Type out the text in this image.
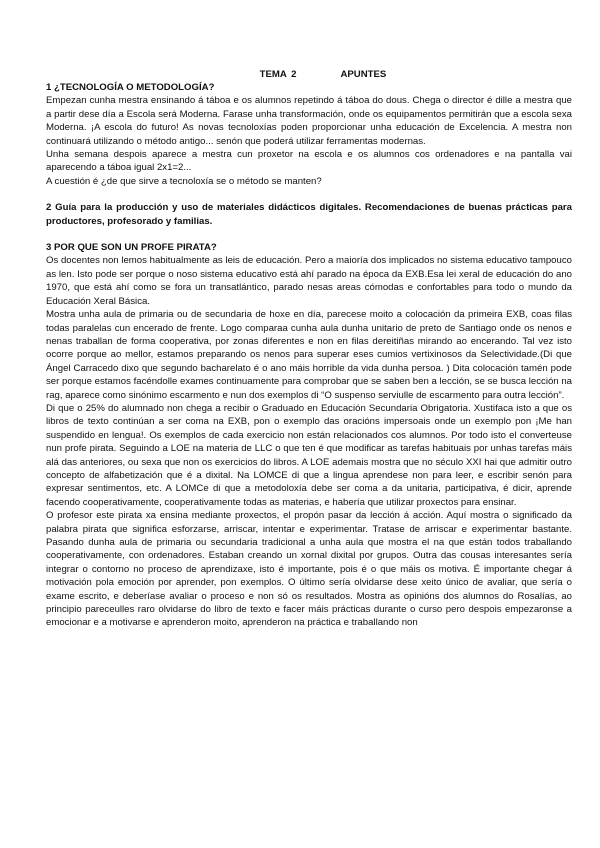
TEMA 2	APUNTES
1 ¿TECNOLOGÍA O METODOLOGÍA?

Empezan cunha mestra ensinando á táboa e os alumnos repetindo á táboa do dous. Chega o director é dille a mestra que a partir dese día a Escola será Moderna. Farase unha transformación, onde os equipamentos permitirán que a escola sexa Moderna. ¡A escola do futuro! As novas tecnoloxías poden proporcionar unha educación de Excelencia. A mestra non continuará utilizando o método antigo... senón que poderá utilizar ferramentas modernas.

Unha semana despois aparece a mestra cun proxetor na escola e os alumnos cos ordenadores e na pantalla vai aparecendo a táboa igual 2x1=2...

A cuestión é ¿de que sirve a tecnoloxía se o método se manten?

2 Guía para la producción y uso de materiales didácticos digitales. Recomendaciones de buenas prácticas para productores, profesorado y familias.

3 POR QUE SON UN PROFE PIRATA?

Os docentes non lemos habitualmente as leis de educación. Pero a maioría dos implicados no sistema educativo tampouco as len. Isto pode ser porque o noso sistema educativo está ahí parado na época da EXB.Esa lei xeral de educación do ano 1970, que está ahí como se fora un transatlántico, parado nesas areas cómodas e confortables para todo o mundo da Educación Xeral Básica.

Mostra unha aula de primaria ou de secundaria de hoxe en día, parecese moito a colocación da primeira EXB, coas filas todas paralelas cun encerado de frente. Logo comparaa cunha aula dunha unitario de preto de Santiago onde os nenos e nenas traballan de forma cooperativa, por zonas diferentes e non en filas dereitiñas mirando ao encerando. Tal vez isto ocorre porque ao mellor, estamos preparando os nenos para superar eses cumios vertixinosos da Selectividade.(Di que Ángel Carracedo dixo que segundo bacharelato é o ano máis horrible da vida dunha persoa. ) Dita colocación tamén pode ser porque estamos facéndolle exames continuamente para comprobar que se saben ben a lección, se se busca lección na rag, aparece como sinónimo escarmento e nun dos exemplos di “O suspenso serviulle de escarmento para outra lección”.

Di que o 25% do alumnado non chega a recibir o Graduado en Educación Secundaria Obrigatoria. Xustifaca isto a que os libros de texto continúan a ser coma na EXB, pon o exemplo das oracións impersoais onde un exemplo pon ¡Me han suspendido en lengua!. Os exemplos de cada exercicio non están relacionados cos alumnos. Por todo isto el converteuse nun profe pirata. Seguindo a LOE na materia de LLC o que ten é que modificar as tarefas habituais por unhas tarefas máis alá das anteriores, ou sexa que non os exercicios do libros. A LOE ademais mostra que no século XXI hai que admitir outro concepto de alfabetización que é a dixital. Na LOMCE di que a lingua aprendese non para leer, e escribir senón para expresar sentimentos, etc. A LOMCe di que a metodoloxía debe ser coma a da unitaria, participativa, é dicir, aprende facendo cooperativamente, cooperativamente todas as materias, e habería que utilizar proxectos para ensinar.

O profesor este pirata xa ensina mediante proxectos, el propón pasar da lección á acción. Aquí mostra o significado da palabra pirata que significa esforzarse, arriscar, intentar e experimentar. Tratase de arriscar e experimentar bastante. Pasando dunha aula de primaria ou secundaria tradicional a unha aula que mostra el na que están todos traballando cooperativamente, con ordenadores. Estaban creando un xornal dixital por grupos. Outra das cousas interesantes sería integrar o contorno no proceso de aprendizaxe, isto é importante, pois é o que máis os motiva. É importante chegar á motivación pola emoción por aprender, pon exemplos. O último sería olvidarse dese xeito único de avaliar, que sería o exame escrito, e deberíase avaliar o proceso e non só os resultados. Mostra as opinións dos alumnos do Rosalías, ao principio pareceulles raro olvidarse do libro de texto e facer máis prácticas durante o curso pero despois empezaronse a emocionar e a motivarse e aprenderon moito, aprenderon na práctica e traballando non
